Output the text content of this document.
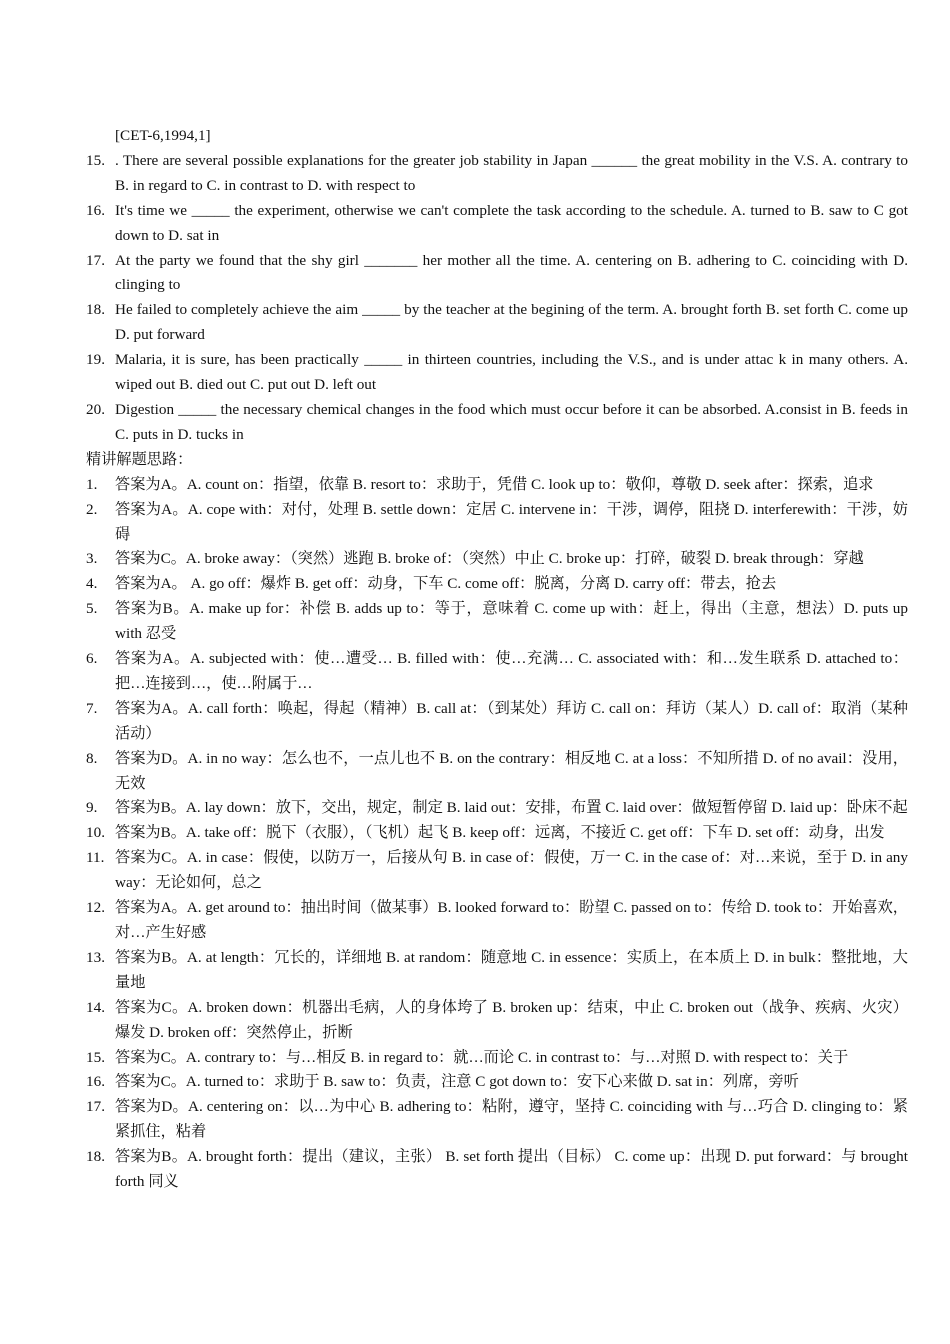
[CET-6,1994,1]

15. . There are several possible explanations for the greater job stability in Japan ______ the great mobility in the V.S. A. contrary to B. in regard to C. in contrast to D. with respect to
16. It's time we _____ the experiment, otherwise we can't complete the task according to the schedule. A. turned to B. saw to C got down to D. sat in
17. At the party we found that the shy girl _______ her mother all the time. A. centering on B. adhering to C. coinciding with D. clinging to
18. He failed to completely achieve the aim _____ by the teacher at the begining of the term. A. brought forth B. set forth C. come up D. put forward
19. Malaria, it is sure, has been practically _____ in thirteen countries, including the V.S., and is under attac k in many others. A. wiped out B. died out C. put out D. left out
20. Digestion _____ the necessary chemical changes in the food which must occur before it can be absorbed. A.consist in B. feeds in C. puts in D. tucks in

精讲解题思路：

1. 答案为A。A. count on：指望，依靠 B. resort to：求助于，凭借 C. look up to：敬仰，尊敬 D. seek after：探索，追求
2. 答案为A。A. cope with：对付，处理 B. settle down：定居 C. intervene in：干涉，调停，阻挠 D. interferewith：干涉，妨碍
3. 答案为C。A. broke away：（突然）逃跑 B. broke of：（突然）中止 C. broke up：打碎，破裂 D. break through：穿越
4. 答案为A。 A. go off：爆炸 B. get off：动身，下车 C. come off：脱离，分离 D. carry off：带去，抢去
5. 答案为B。A. make up for：补偿 B. adds up to：等于，意味着 C. come up with：赶上，得出（主意，想法）D. puts up with 忍受
6. 答案为A。A. subjected with：使…遭受… B. filled with：使…充满… C. associated with：和…发生联系 D. attached to：把…连接到…，使…附属于…
7. 答案为A。A. call forth：唤起，得起（精神）B. call at：（到某处）拜访 C. call on：拜访（某人）D. call of：取消（某种活动）
8. 答案为D。A. in no way：怎么也不，一点儿也不 B. on the contrary：相反地 C. at a loss：不知所措 D. of no avail：没用，无效
9. 答案为B。A. lay down：放下，交出，规定，制定 B. laid out：安排，布置 C. laid over：做短暂停留 D. laid up：卧床不起
10. 答案为B。A. take off：脱下（衣服），（飞机）起飞 B. keep off：远离，不接近 C. get off：下车 D. set off：动身，出发
11. 答案为C。A. in case：假使，以防万一，后接从句 B. in case of：假使，万一 C. in the case of：对…来说，至于 D. in any way：无论如何，总之
12. 答案为A。A. get around to：抽出时间（做某事）B. looked forward to：盼望 C. passed on to：传给 D. took to：开始喜欢，对…产生好感
13. 答案为B。A. at length：冗长的，详细地 B. at random：随意地 C. in essence：实质上，在本质上 D. in bulk：整批地，大量地
14. 答案为C。A. broken down：机器出毛病，人的身体垮了 B. broken up：结束，中止 C. broken out（战争、疾病、火灾）爆发 D. broken off：突然停止，折断
15. 答案为C。A. contrary to：与…相反 B. in regard to：就…而论 C. in contrast to：与…对照 D. with respect to：关于
16. 答案为C。A. turned to：求助于 B. saw to：负责，注意 C got down to：安下心来做 D. sat in：列席，旁听
17. 答案为D。A. centering on：以…为中心 B. adhering to：粘附，遵守，坚持 C. coinciding with 与…巧合 D. clinging to：紧紧抓住，粘着
18. 答案为B。A. brought forth：提出（建议，主张） B. set forth 提出（目标） C. come up：出现 D. put forward：与 brought forth 同义
